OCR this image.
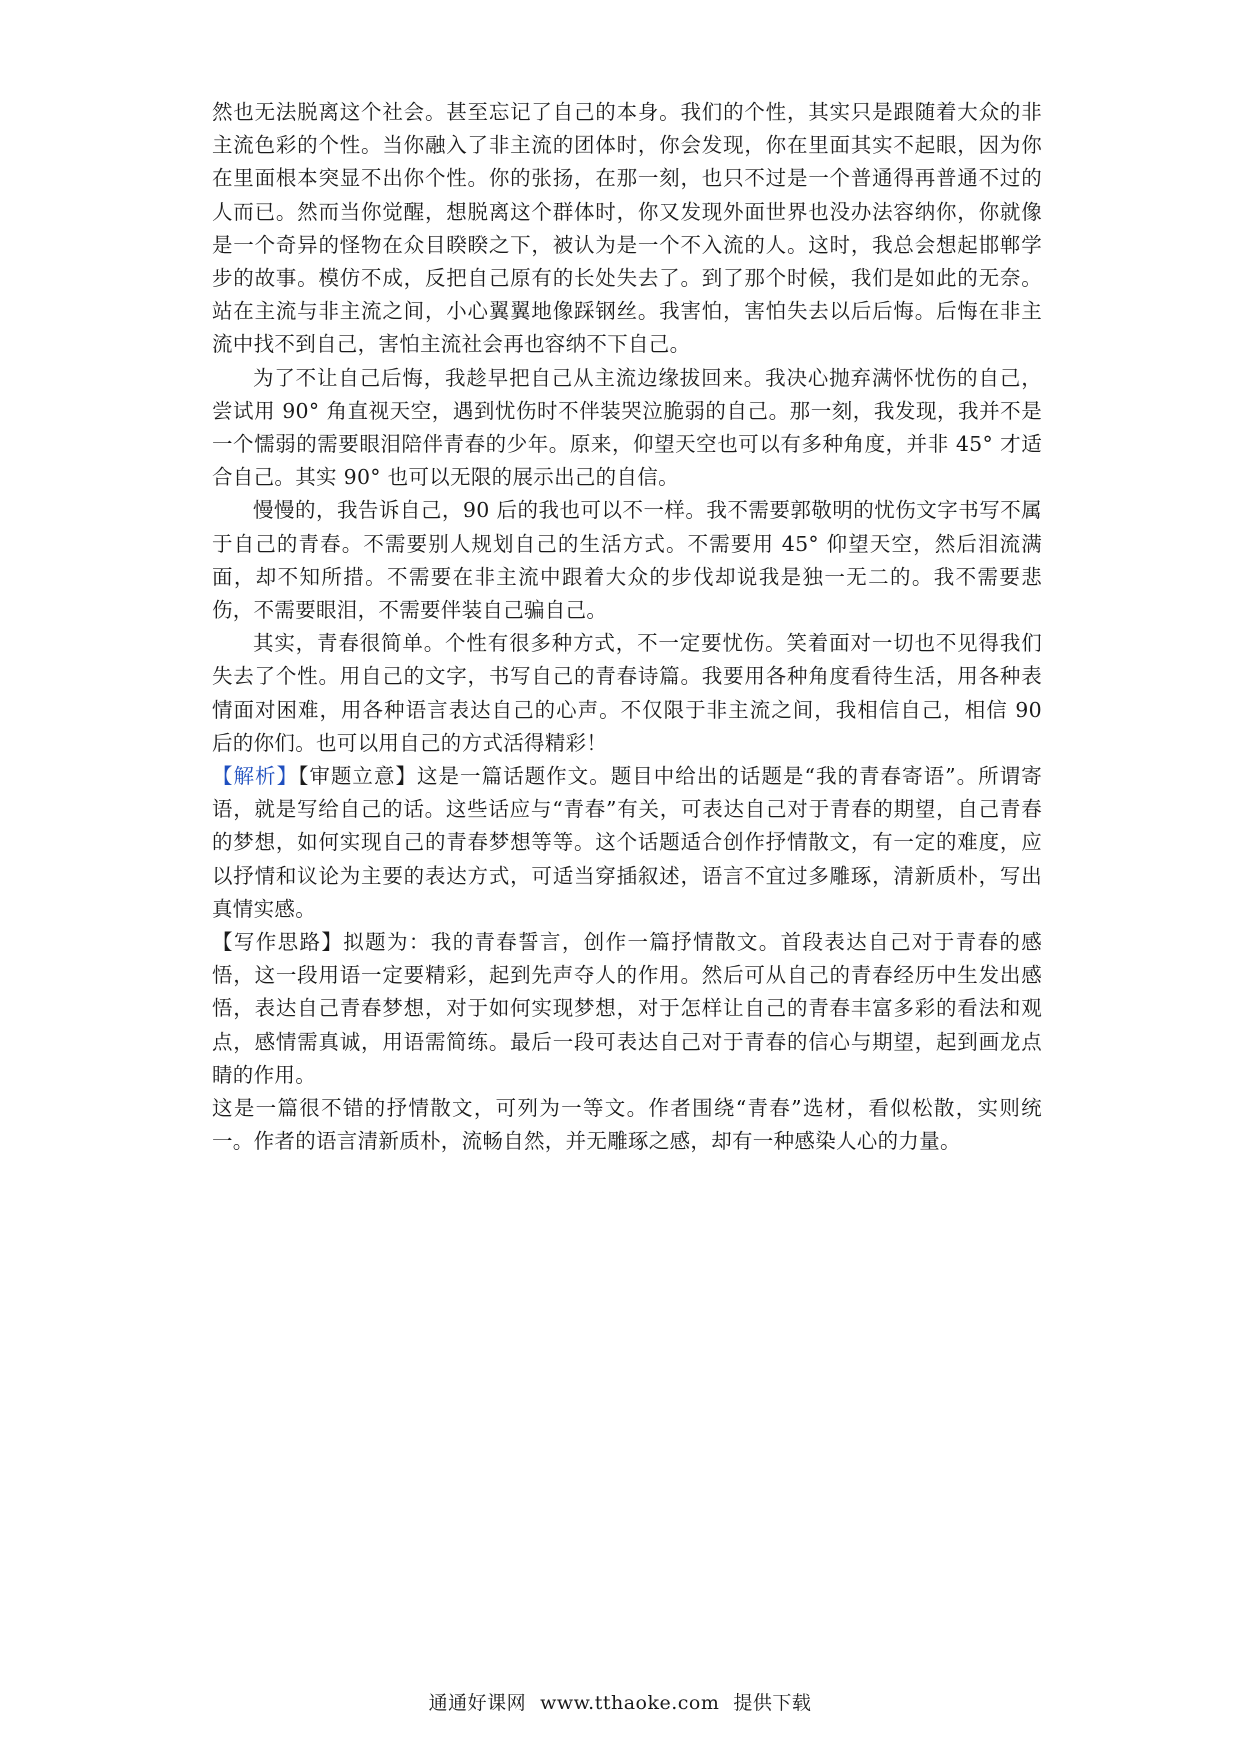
然也无法脱离这个社会。甚至忘记了自己的本身。我们的个性，其实只是跟随着大众的非主流色彩的个性。当你融入了非主流的团体时，你会发现，你在里面其实不起眼，因为你在里面根本突显不出你个性。你的张扬，在那一刻，也只不过是一个普通得再普通不过的人而已。然而当你觉醒，想脱离这个群体时，你又发现外面世界也没办法容纳你，你就像是一个奇异的怪物在众目睽睽之下，被认为是一个不入流的人。这时，我总会想起邯郸学步的故事。模仿不成，反把自己原有的长处失去了。到了那个时候，我们是如此的无奈。站在主流与非主流之间，小心翼翼地像踩钢丝。我害怕，害怕失去以后后悔。后悔在非主流中找不到自己，害怕主流社会再也容纳不下自己。

为了不让自己后悔，我趁早把自己从主流边缘拔回来。我决心抛弃满怀忧伤的自己，尝试用 90° 角直视天空，遇到忧伤时不伴装哭泣脆弱的自己。那一刻，我发现，我并不是一个懦弱的需要眼泪陪伴青春的少年。原来，仰望天空也可以有多种角度，并非 45° 才适合自己。其实 90° 也可以无限的展示出己的自信。

慢慢的，我告诉自己，90 后的我也可以不一样。我不需要郭敬明的忧伤文字书写不属于自己的青春。不需要别人规划自己的生活方式。不需要用 45° 仰望天空，然后泪流满面，却不知所措。不需要在非主流中跟着大众的步伐却说我是独一无二的。我不需要悲伤，不需要眼泪，不需要伴装自己骗自己。

其实，青春很简单。个性有很多种方式，不一定要忧伤。笑着面对一切也不见得我们失去了个性。用自己的文字，书写自己的青春诗篇。我要用各种角度看待生活，用各种表情面对困难，用各种语言表达自己的心声。不仅限于非主流之间，我相信自己，相信 90 后的你们。也可以用自己的方式活得精彩！

【解析】【审题立意】这是一篇话题作文。题目中给出的话题是“我的青春寄语”。所谓寄语，就是写给自己的话。这些话应与“青春”有关，可表达自己对于青春的期望，自己青春的梦想，如何实现自己的青春梦想等等。这个话题适合创作抒情散文，有一定的难度，应以抒情和议论为主要的表达方式，可适当穿插叙述，语言不宜过多雕琢，清新质朴，写出真情实感。

【写作思路】拟题为：我的青春誓言，创作一篇抒情散文。首段表达自己对于青春的感悟，这一段用语一定要精彩，起到先声夺人的作用。然后可从自己的青春经历中生发出感悟，表达自己青春梦想，对于如何实现梦想，对于怎样让自己的青春丰富多彩的看法和观点，感情需真诚，用语需简练。最后一段可表达自己对于青春的信心与期望，起到画龙点睛的作用。

这是一篇很不错的抒情散文，可列为一等文。作者围绕“青春”选材，看似松散，实则统一。作者的语言清新质朴，流畅自然，并无雕琢之感，却有一种感染人心的力量。

通通好课网 www.tthaoke.com 提供下载
